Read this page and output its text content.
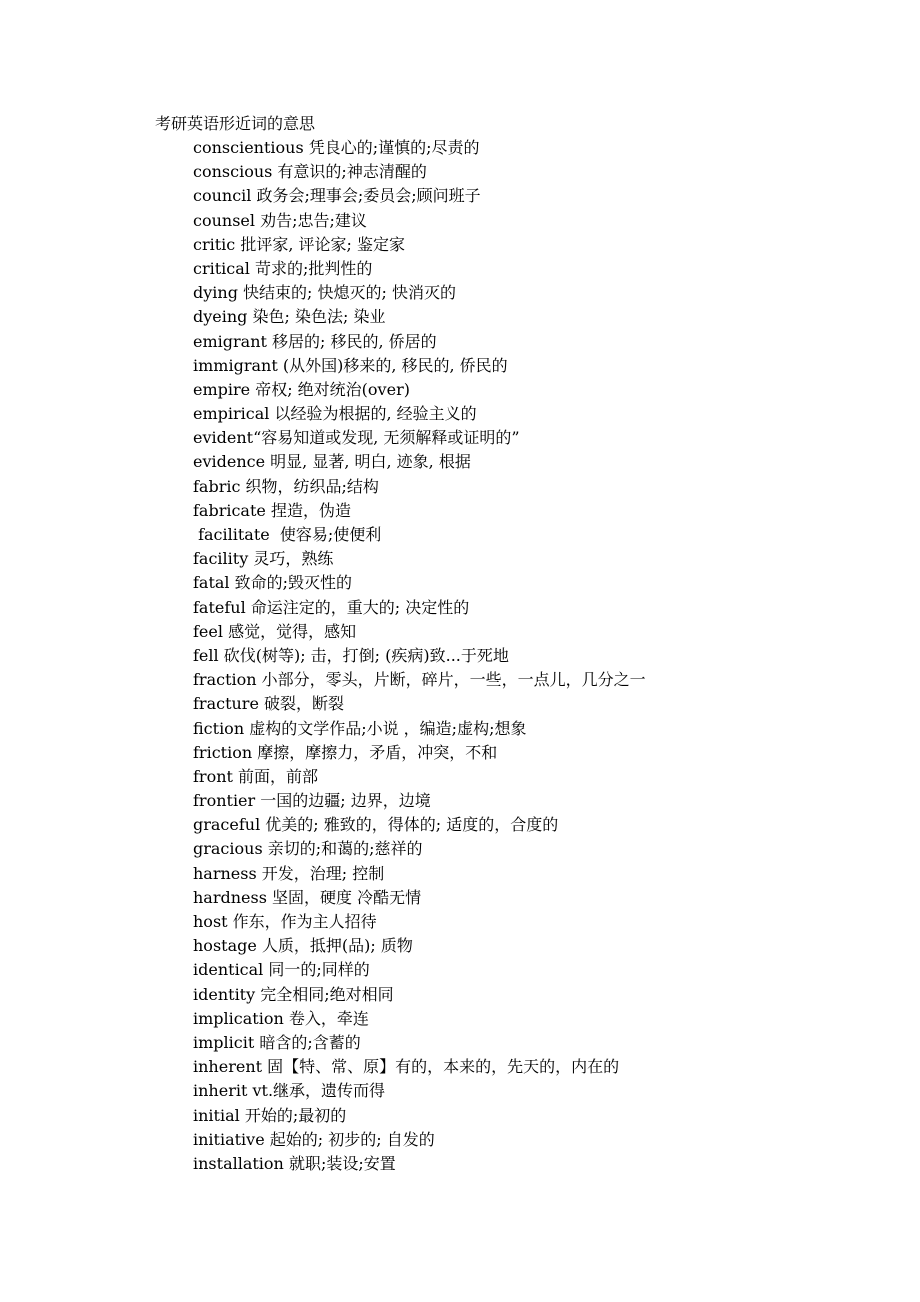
考研英语形近词的意思
conscientious 凭良心的;谨慎的;尽责的
conscious 有意识的;神志清醒的
council 政务会;理事会;委员会;顾问班子
counsel 劝告;忠告;建议
critic 批评家, 评论家; 鉴定家
critical 苛求的;批判性的
dying 快结束的; 快熄灭的; 快消灭的
dyeing 染色; 染色法; 染业
emigrant 移居的; 移民的, 侨居的
immigrant (从外国)移来的, 移民的, 侨民的
empire 帝权; 绝对统治(over)
empirical 以经验为根据的, 经验主义的
evident“容易知道或发现, 无须解释或证明的”
evidence 明显, 显著, 明白, 迹象, 根据
fabric 织物，纺织品;结构
fabricate 捏造，伪造
facilitate  使容易;使便利
facility 灵巧，熟练
fatal 致命的;毁灭性的
fateful 命运注定的，重大的; 决定性的
feel 感觉，觉得，感知
fell 砍伐(树等); 击，打倒; (疾病)致...于死地
fraction 小部分，零头，片断，碎片，一些，一点儿，几分之一
fracture 破裂，断裂
fiction 虚构的文学作品;小说 ，编造;虚构;想象
friction 摩擦，摩擦力，矛盾，冲突，不和
front 前面，前部
frontier 一国的边疆; 边界，边境
graceful 优美的; 雅致的，得体的; 适度的，合度的
gracious 亲切的;和蔼的;慈祥的
harness 开发，治理; 控制
hardness 坚固，硬度 冷酷无情
host 作东，作为主人招待
hostage 人质，抵押(品); 质物
identical 同一的;同样的
identity 完全相同;绝对相同
implication 卷入，牵连
implicit 暗含的;含蓄的
inherent 固【特、常、原】有的，本来的，先天的，内在的
inherit vt.继承，遗传而得
initial 开始的;最初的
initiative 起始的; 初步的; 自发的
installation 就职;装设;安置
